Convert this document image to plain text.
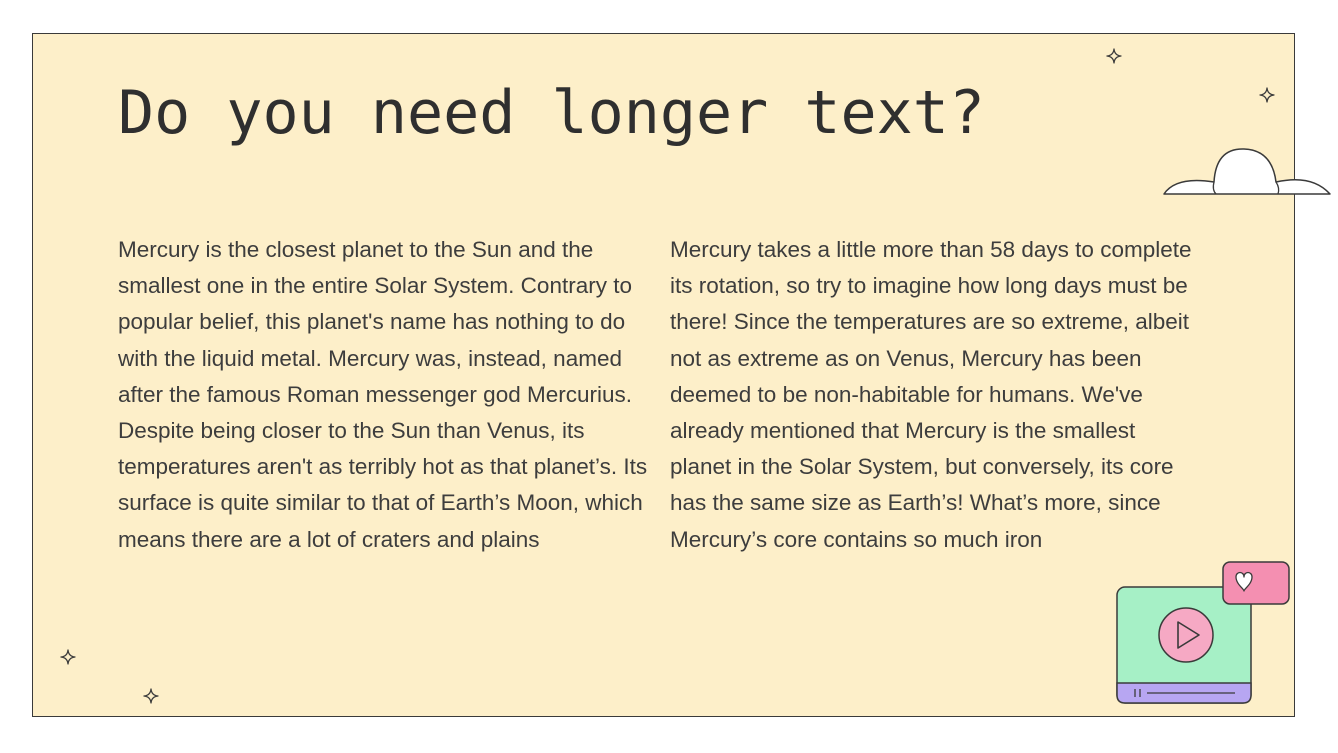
Do you need longer text?

Mercury is the closest planet to the Sun and the smallest one in the entire Solar System. Contrary to popular belief, this planet's name has nothing to do with the liquid metal. Mercury was, instead, named after the famous Roman messenger god Mercurius. Despite being closer to the Sun than Venus, its temperatures aren't as terribly hot as that planet’s. Its surface is quite similar to that of Earth’s Moon, which means there are a lot of craters and plains

Mercury takes a little more than 58 days to complete its rotation, so try to imagine how long days must be there! Since the temperatures are so extreme, albeit not as extreme as on Venus, Mercury has been deemed to be non-habitable for humans. We've already mentioned that Mercury is the smallest planet in the Solar System, but conversely, its core has the same size as Earth’s! What’s more, since Mercury’s core contains so much iron
